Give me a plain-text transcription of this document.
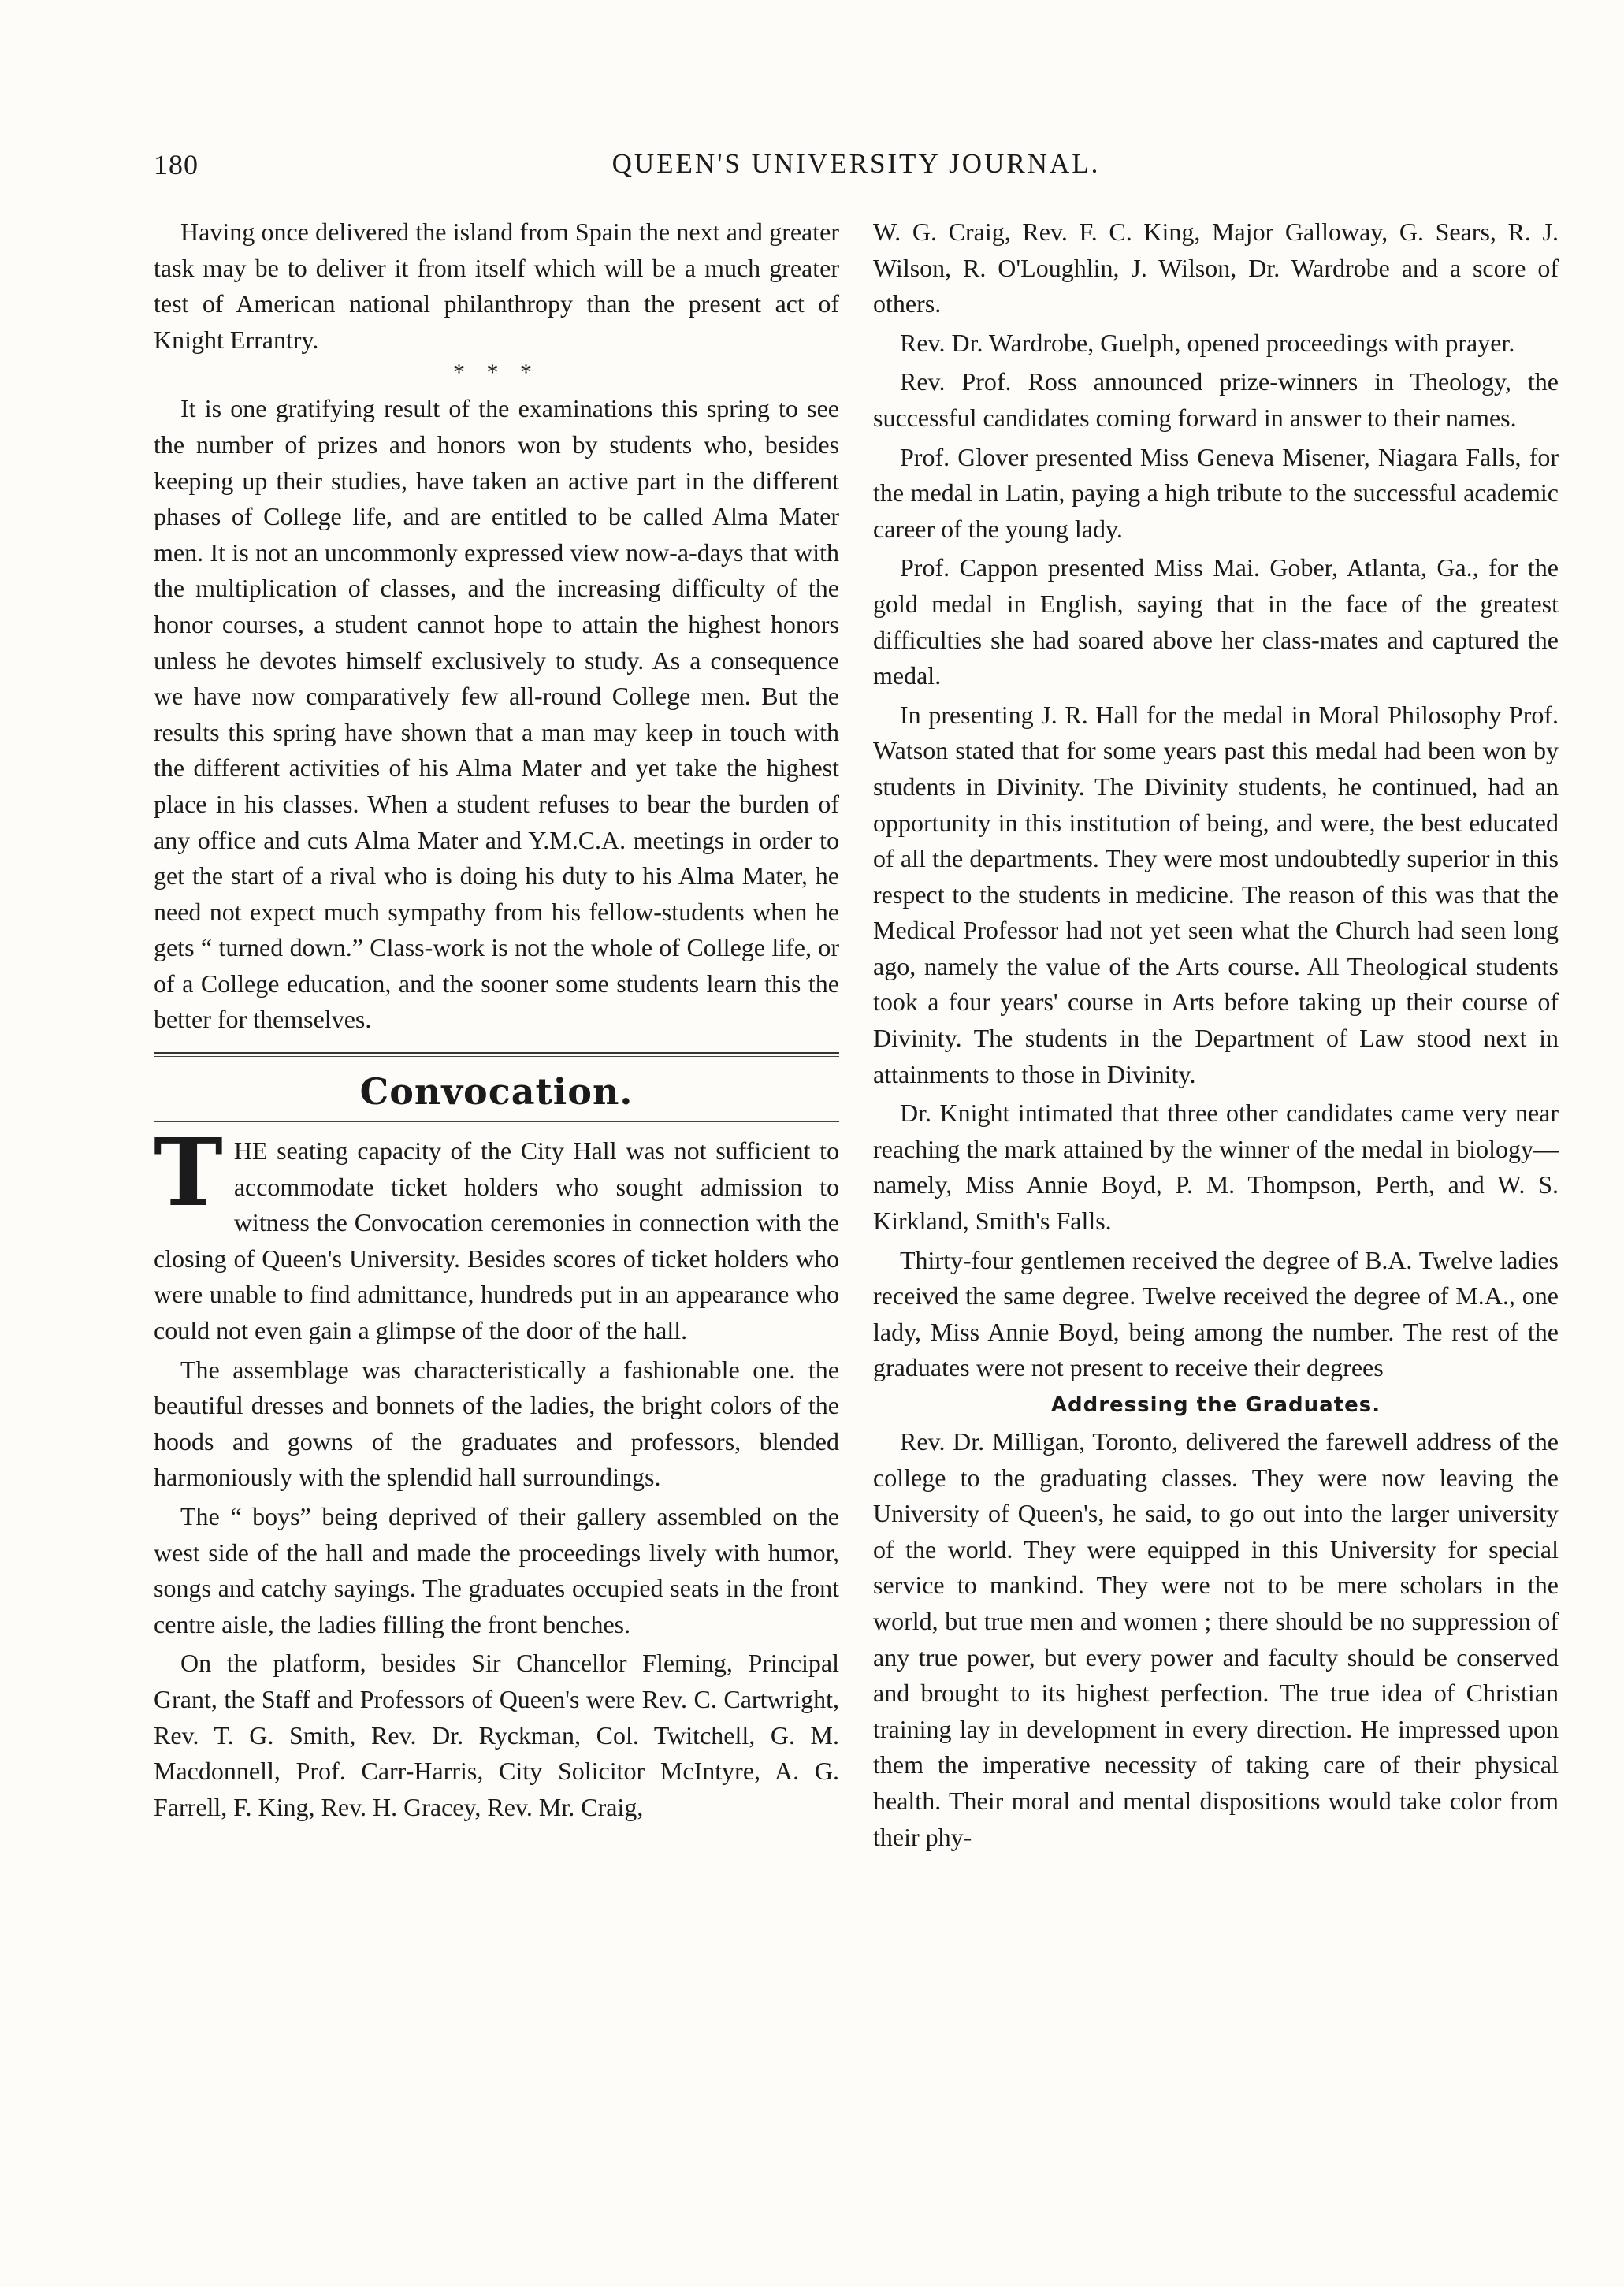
180	QUEEN'S UNIVERSITY JOURNAL.

Having once delivered the island from Spain the next and greater task may be to deliver it from itself which will be a much greater test of American national philanthropy than the present act of Knight Errantry.

* * *

It is one gratifying result of the examinations this spring to see the number of prizes and honors won by students who, besides keeping up their studies, have taken an active part in the different phases of College life, and are entitled to be called Alma Mater men. It is not an uncommonly expressed view now-a-days that with the multiplication of classes, and the increasing difficulty of the honor courses, a student cannot hope to attain the highest honors unless he devotes himself exclusively to study. As a consequence we have now comparatively few all-round College men. But the results this spring have shown that a man may keep in touch with the different activities of his Alma Mater and yet take the highest place in his classes. When a student refuses to bear the burden of any office and cuts Alma Mater and Y.M.C.A. meetings in order to get the start of a rival who is doing his duty to his Alma Mater, he need not expect much sympathy from his fellow-students when he gets “ turned down.” Class-work is not the whole of College life, or of a College education, and the sooner some students learn this the better for themselves.

Convocation.

THE seating capacity of the City Hall was not sufficient to accommodate ticket holders who sought admission to witness the Convocation ceremonies in connection with the closing of Queen's University. Besides scores of ticket holders who were unable to find admittance, hundreds put in an appearance who could not even gain a glimpse of the door of the hall.

The assemblage was characteristically a fashionable one. the beautiful dresses and bonnets of the ladies, the bright colors of the hoods and gowns of the graduates and professors, blended harmoniously with the splendid hall surroundings.

The “ boys” being deprived of their gallery assembled on the west side of the hall and made the proceedings lively with humor, songs and catchy sayings. The graduates occupied seats in the front centre aisle, the ladies filling the front benches.

On the platform, besides Sir Chancellor Fleming, Principal Grant, the Staff and Professors of Queen's were Rev. C. Cartwright, Rev. T. G. Smith, Rev. Dr. Ryckman, Col. Twitchell, G. M. Macdonnell, Prof. Carr-Harris, City Solicitor McIntyre, A. G. Farrell, F. King, Rev. H. Gracey, Rev. Mr. Craig,

W. G. Craig, Rev. F. C. King, Major Galloway, G. Sears, R. J. Wilson, R. O'Loughlin, J. Wilson, Dr. Wardrobe and a score of others.

Rev. Dr. Wardrobe, Guelph, opened proceedings with prayer.

Rev. Prof. Ross announced prize-winners in Theology, the successful candidates coming forward in answer to their names.

Prof. Glover presented Miss Geneva Misener, Niagara Falls, for the medal in Latin, paying a high tribute to the successful academic career of the young lady.

Prof. Cappon presented Miss Mai. Gober, Atlanta, Ga., for the gold medal in English, saying that in the face of the greatest difficulties she had soared above her class-mates and captured the medal.

In presenting J. R. Hall for the medal in Moral Philosophy Prof. Watson stated that for some years past this medal had been won by students in Divinity. The Divinity students, he continued, had an opportunity in this institution of being, and were, the best educated of all the departments. They were most undoubtedly superior in this respect to the students in medicine. The reason of this was that the Medical Professor had not yet seen what the Church had seen long ago, namely the value of the Arts course. All Theological students took a four years' course in Arts before taking up their course of Divinity. The students in the Department of Law stood next in attainments to those in Divinity.

Dr. Knight intimated that three other candidates came very near reaching the mark attained by the winner of the medal in biology—namely, Miss Annie Boyd, P. M. Thompson, Perth, and W. S. Kirkland, Smith's Falls.

Thirty-four gentlemen received the degree of B.A. Twelve ladies received the same degree. Twelve received the degree of M.A., one lady, Miss Annie Boyd, being among the number. The rest of the graduates were not present to receive their degrees

Addressing the Graduates.

Rev. Dr. Milligan, Toronto, delivered the farewell address of the college to the graduating classes. They were now leaving the University of Queen's, he said, to go out into the larger university of the world. They were equipped in this University for special service to mankind. They were not to be mere scholars in the world, but true men and women ; there should be no suppression of any true power, but every power and faculty should be conserved and brought to its highest perfection. The true idea of Christian training lay in development in every direction. He impressed upon them the imperative necessity of taking care of their physical health. Their moral and mental dispositions would take color from their phy-
